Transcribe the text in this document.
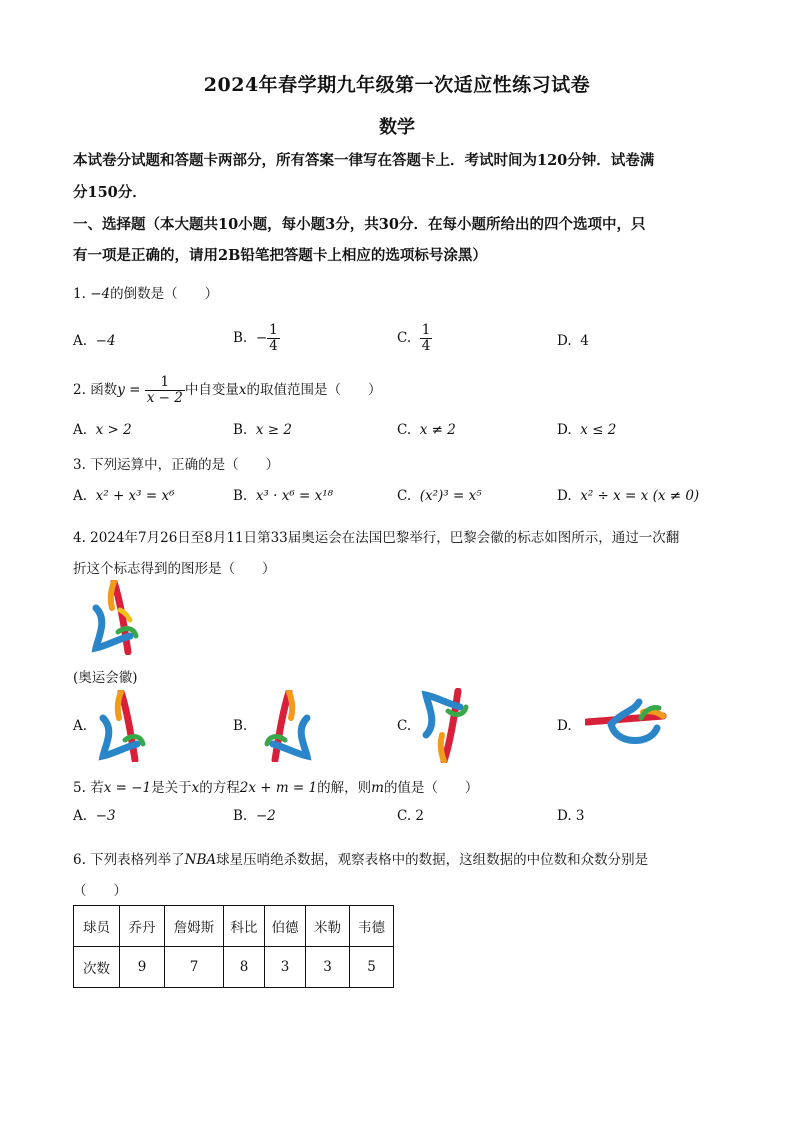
2024年春学期九年级第一次适应性练习试卷
数学
本试卷分试题和答题卡两部分，所有答案一律写在答题卡上．考试时间为120分钟．试卷满
分150分．
一、选择题（本大题共10小题，每小题3分，共30分．在每小题所给出的四个选项中，只
有一项是正确的，请用2B铅笔把答题卡上相应的选项标号涂黑）
1. −4的倒数是（　　）
A. −4	B. − $\frac{1}{4}$	C. $\frac{1}{4}$	D. 4
2. 函数$y = \frac{1}{x - 2}$ 中自变量x的取值范围是（　　）
A. x > 2	B. x ≥ 2	C. x ≠ 2	D. x ≤ 2
3. 下列运算中，正确的是（　　）
A. x² + x³ = x⁶	B. x³ · x⁶ = x¹⁸	C. (x²)³ = x⁵	D. x² ÷ x = x (x ≠ 0)
4. 2024年7月26日至8月11日第33届奥运会在法国巴黎举行，巴黎会徽的标志如图所示，通过一次翻
折这个标志得到的图形是（　　）
(奥运会徽)
A.	B.	C.	D.
5. 若x = −1是关于x的方程2x + m = 1的解，则m的值是（　　）
A. −3	B. −2	C. 2	D. 3
6. 下列表格列举了NBA球星压哨绝杀数据，观察表格中的数据，这组数据的中位数和众数分别是
（　　）
球员	乔丹	詹姆斯	科比	伯德	米勒	韦德
次数	9	7	8	3	3	5
